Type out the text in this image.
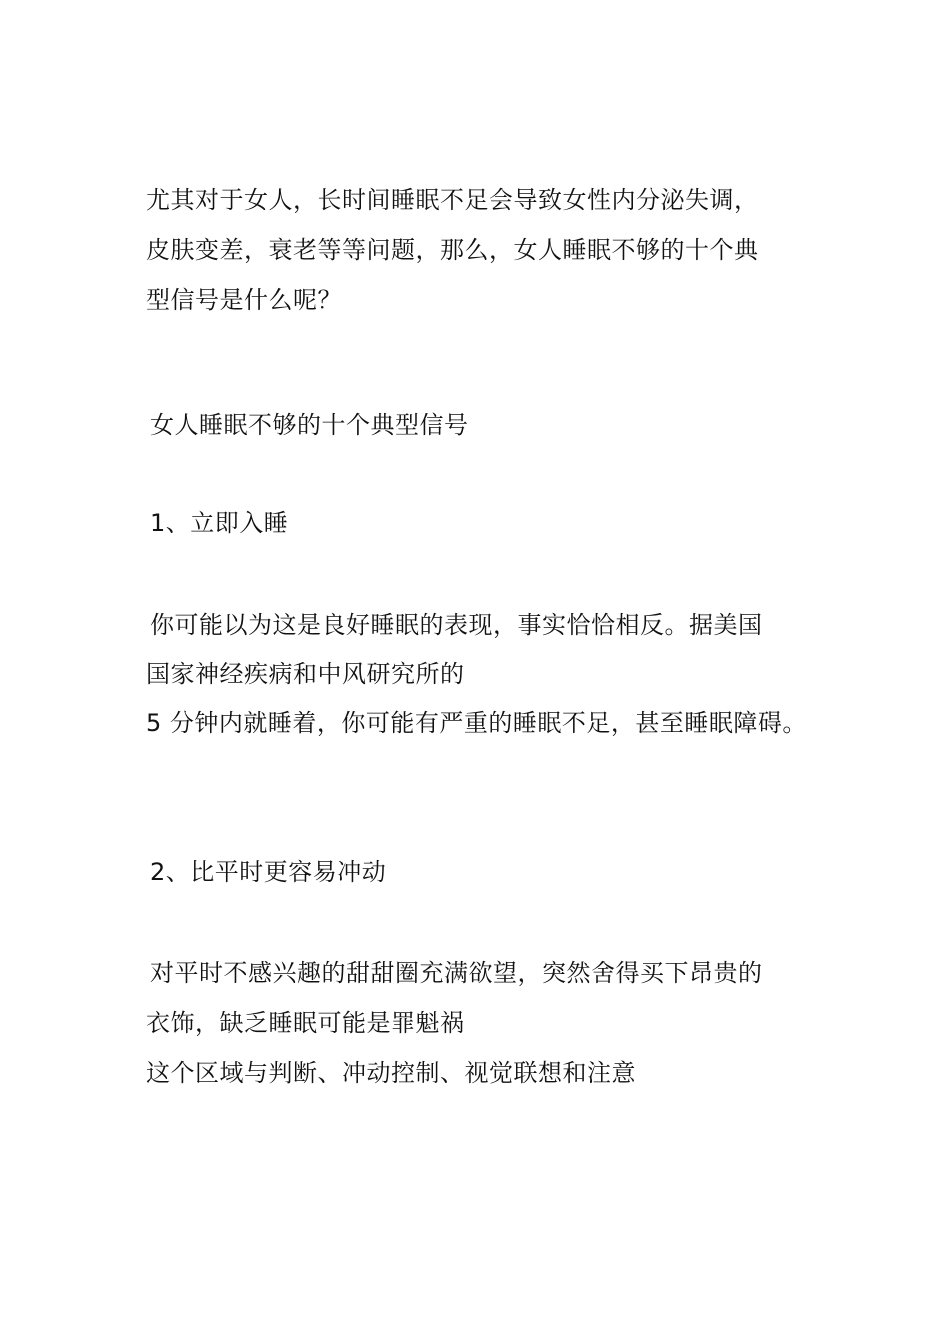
尤其对于女人，长时间睡眠不足会导致女性内分泌失调，
皮肤变差，衰老等等问题，那么，女人睡眠不够的十个典
型信号是什么呢？
女人睡眠不够的十个典型信号
1、立即入睡
你可能以为这是良好睡眠的表现，事实恰恰相反。据美国
国家神经疾病和中风研究所的
5 分钟内就睡着，你可能有严重的睡眠不足，甚至睡眠障碍。
2、比平时更容易冲动
对平时不感兴趣的甜甜圈充满欲望，突然舍得买下昂贵的
衣饰，缺乏睡眠可能是罪魁祸
这个区域与判断、冲动控制、视觉联想和注意
